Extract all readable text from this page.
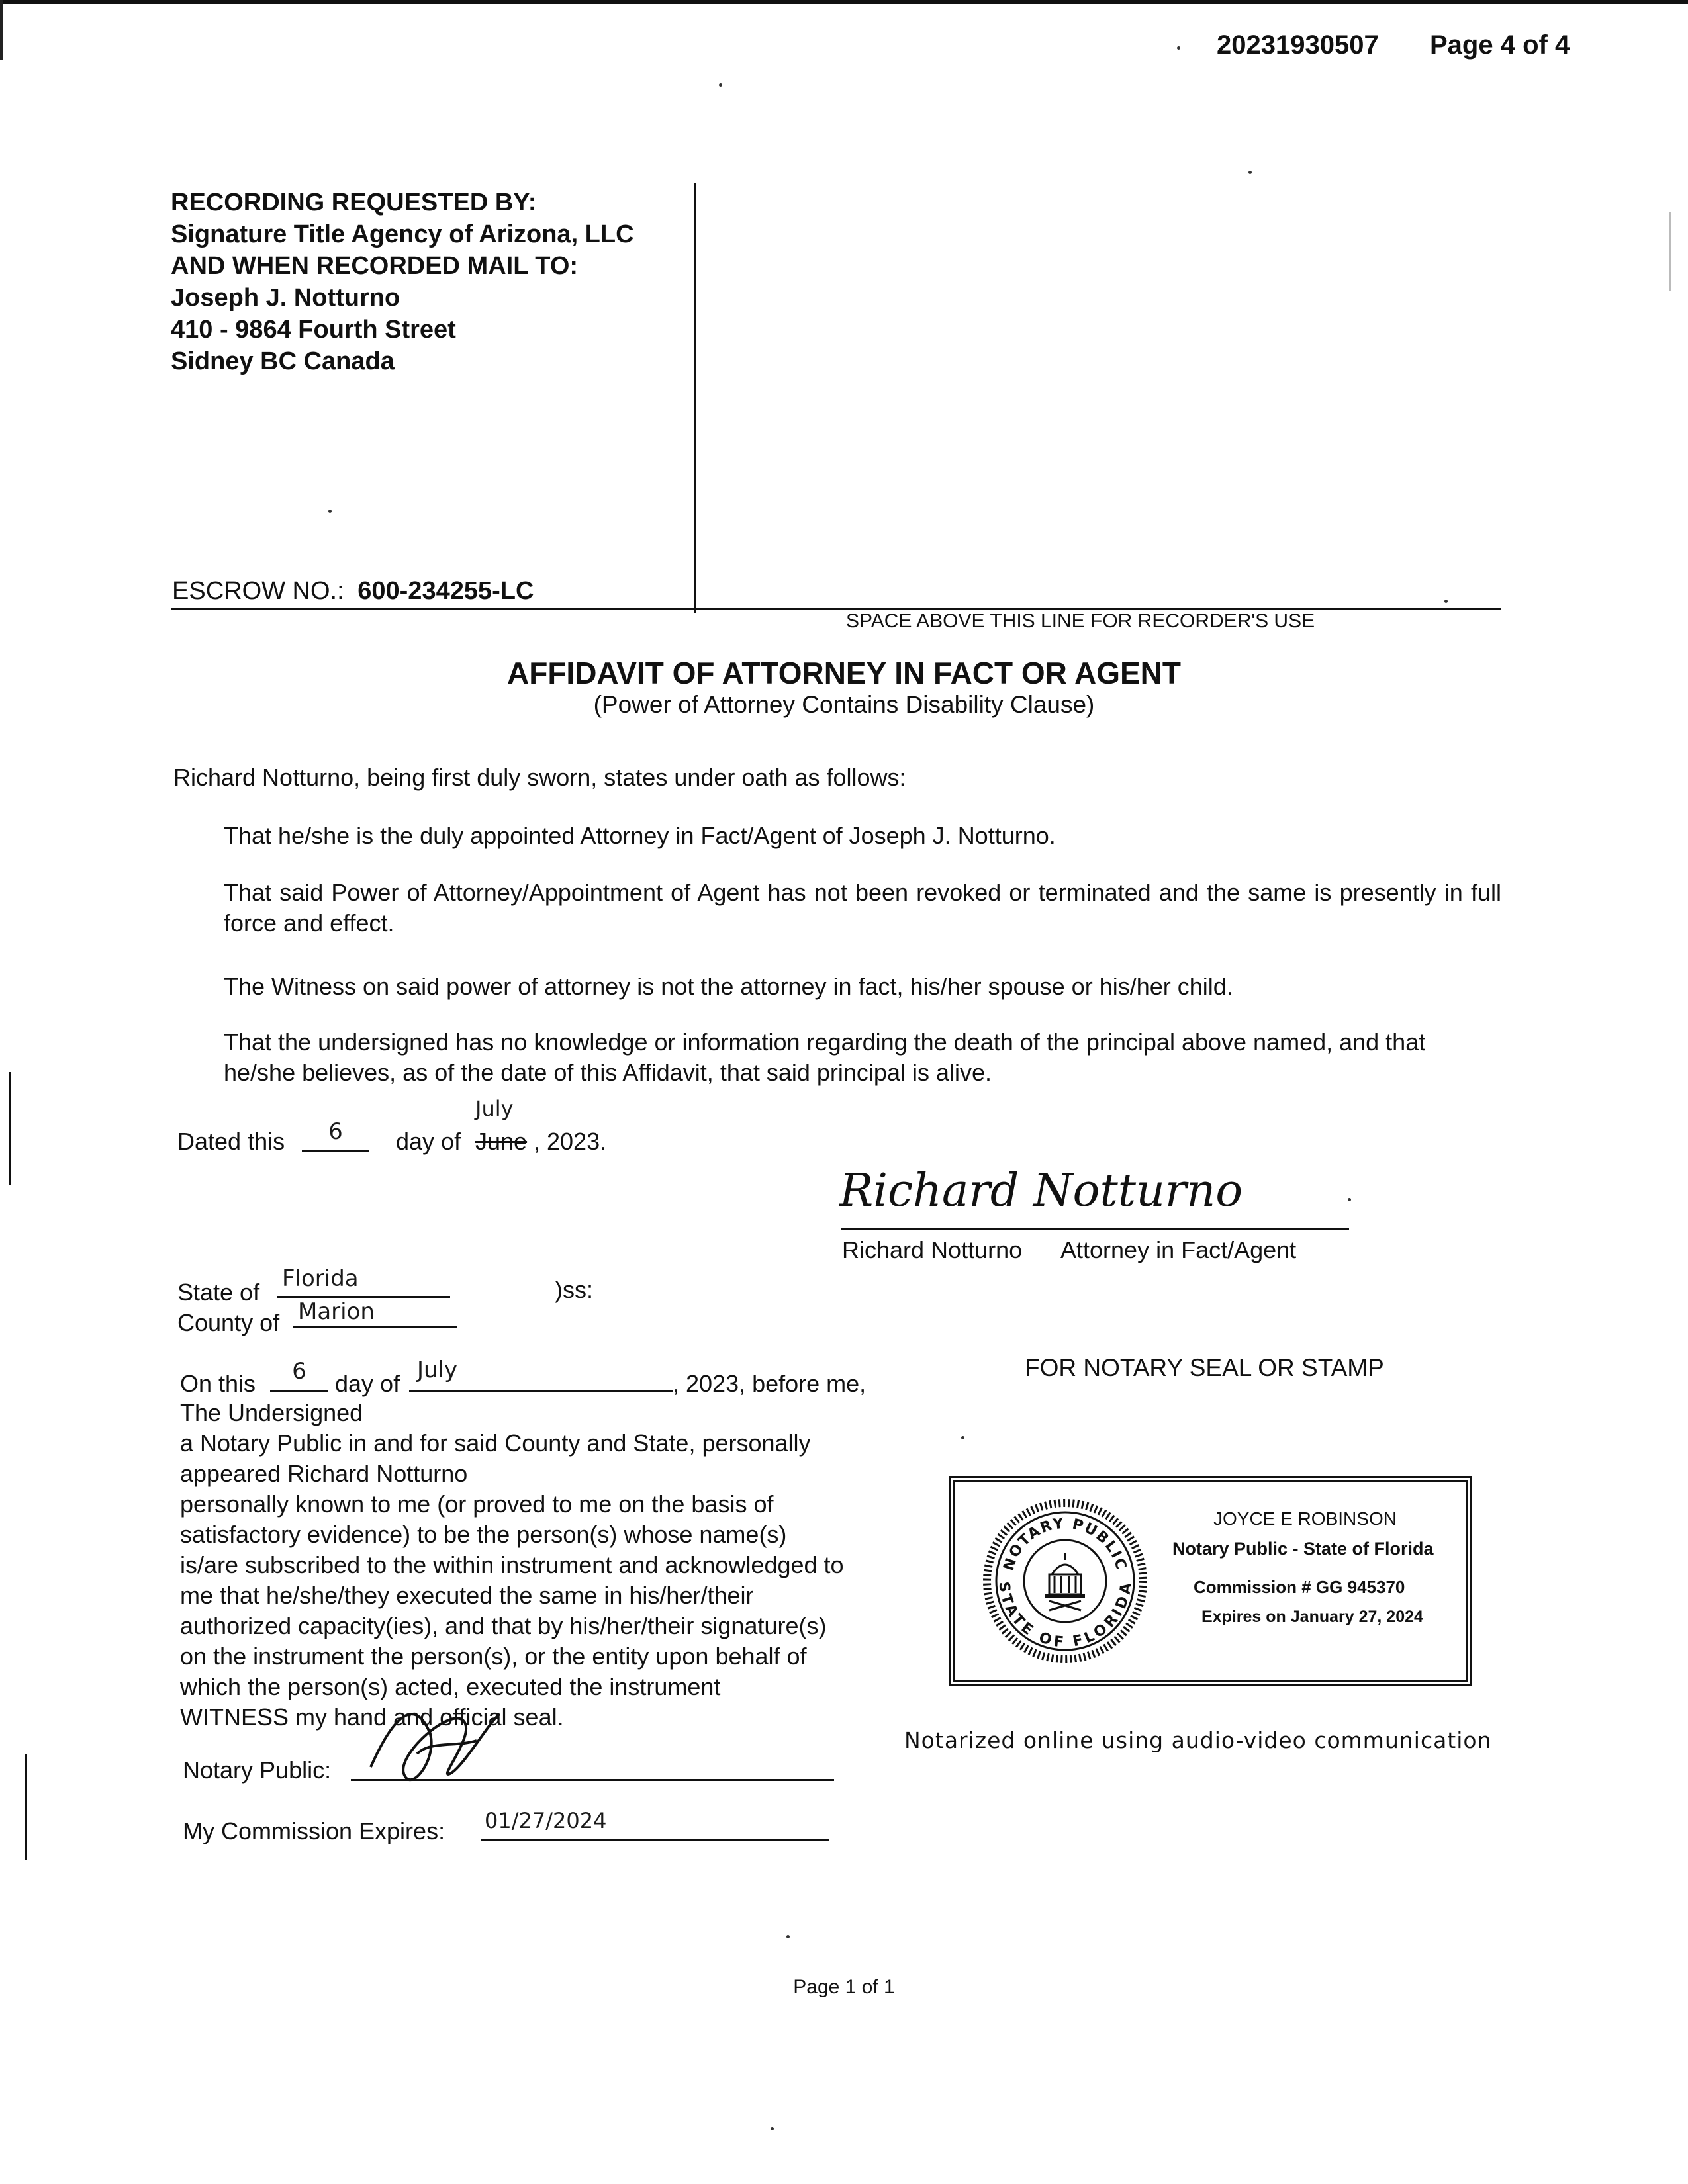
20231930507 Page 4 of 4
RECORDING REQUESTED BY:
Signature Title Agency of Arizona, LLC
AND WHEN RECORDED MAIL TO:
Joseph J. Notturno
410 - 9864 Fourth Street
Sidney BC Canada
ESCROW NO.: 600-234255-LC
SPACE ABOVE THIS LINE FOR RECORDER'S USE
AFFIDAVIT OF ATTORNEY IN FACT OR AGENT
(Power of Attorney Contains Disability Clause)
Richard Notturno, being first duly sworn, states under oath as follows:
That he/she is the duly appointed Attorney in Fact/Agent of Joseph J. Notturno.
That said Power of Attorney/Appointment of Agent has not been revoked or terminated and the same is presently in full force and effect.
The Witness on said power of attorney is not the attorney in fact, his/her spouse or his/her child.
That the undersigned has no knowledge or information regarding the death of the principal above named, and that he/she believes, as of the date of this Affidavit, that said principal is alive.
Dated this	6	day of June
July
, 2023.
Richard Notturno
Richard Notturno Attorney in Fact/Agent
State of Florida	)ss:
County of Marion
On this	6	day of July	, 2023, before me,
The Undersigned
a Notary Public in and for said County and State, personally
appeared Richard Notturno
personally known to me (or proved to me on the basis of
satisfactory evidence) to be the person(s) whose name(s)
is/are subscribed to the within instrument and acknowledged to
me that he/she/they executed the same in his/her/their
authorized capacity(ies), and that by his/her/their signature(s)
on the instrument the person(s), or the entity upon behalf of
which the person(s) acted, executed the instrument
WITNESS my hand and official seal.
Notary Public:
My Commission Expires: 01/27/2024
FOR NOTARY SEAL OR STAMP
NOTARY PUBLIC
STATE OF FLORIDA
JOYCE E ROBINSON
Notary Public - State of Florida
Commission # GG 945370
Expires on January 27, 2024
Notarized online using audio-video communication
Page 1 of 1
